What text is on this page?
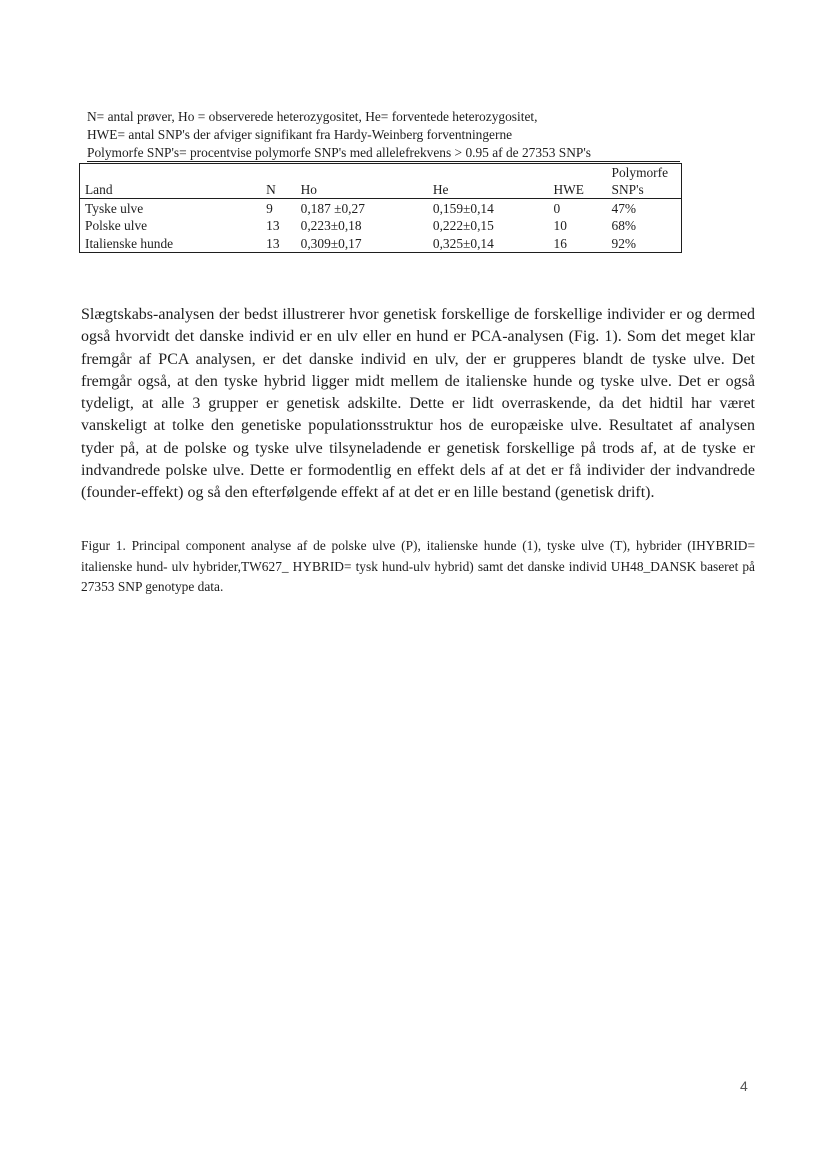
N= antal prøver, Ho = observerede heterozygositet, He= forventede heterozygositet,
HWE= antal SNP's der afviger signifikant fra Hardy-Weinberg forventningerne
Polymorfe SNP's= procentvise polymorfe SNP's med allelefrekvens > 0.95 af de 27353 SNP's
					Polymorfe
Land	N	Ho	He	HWE	SNP's
Tyske ulve	9	0,187 ±0,27	0,159±0,14	0	47%
Polske ulve	13	0,223±0,18	0,222±0,15	10	68%
Italienske hunde	13	0,309±0,17	0,325±0,14	16	92%

Slægtskabs-analysen der bedst illustrerer hvor genetisk forskellige de forskellige individer er og dermed også hvorvidt det danske individ er en ulv eller en hund er PCA-analysen (Fig. 1). Som det meget klar fremgår af PCA analysen, er det danske individ en ulv, der er grupperes blandt de tyske ulve. Det fremgår også, at den tyske hybrid ligger midt mellem de italienske hunde og tyske ulve. Det er også tydeligt, at alle 3 grupper er genetisk adskilte. Dette er lidt overraskende, da det hidtil har været vanskeligt at tolke den genetiske populationsstruktur hos de europæiske ulve. Resultatet af analysen tyder på, at de polske og tyske ulve tilsyneladende er genetisk forskellige på trods af, at de tyske er indvandrede polske ulve. Dette er formodentlig en effekt dels af at det er få individer der indvandrede (founder-effekt) og så den efterfølgende effekt af at det er en lille bestand (genetisk drift).

Figur 1. Principal component analyse af de polske ulve (P), italienske hunde (1), tyske ulve (T), hybrider (IHYBRID= italienske hund- ulv hybrider,TW627_ HYBRID= tysk hund-ulv hybrid) samt det danske individ UH48_DANSK baseret på 27353 SNP genotype data.

4
